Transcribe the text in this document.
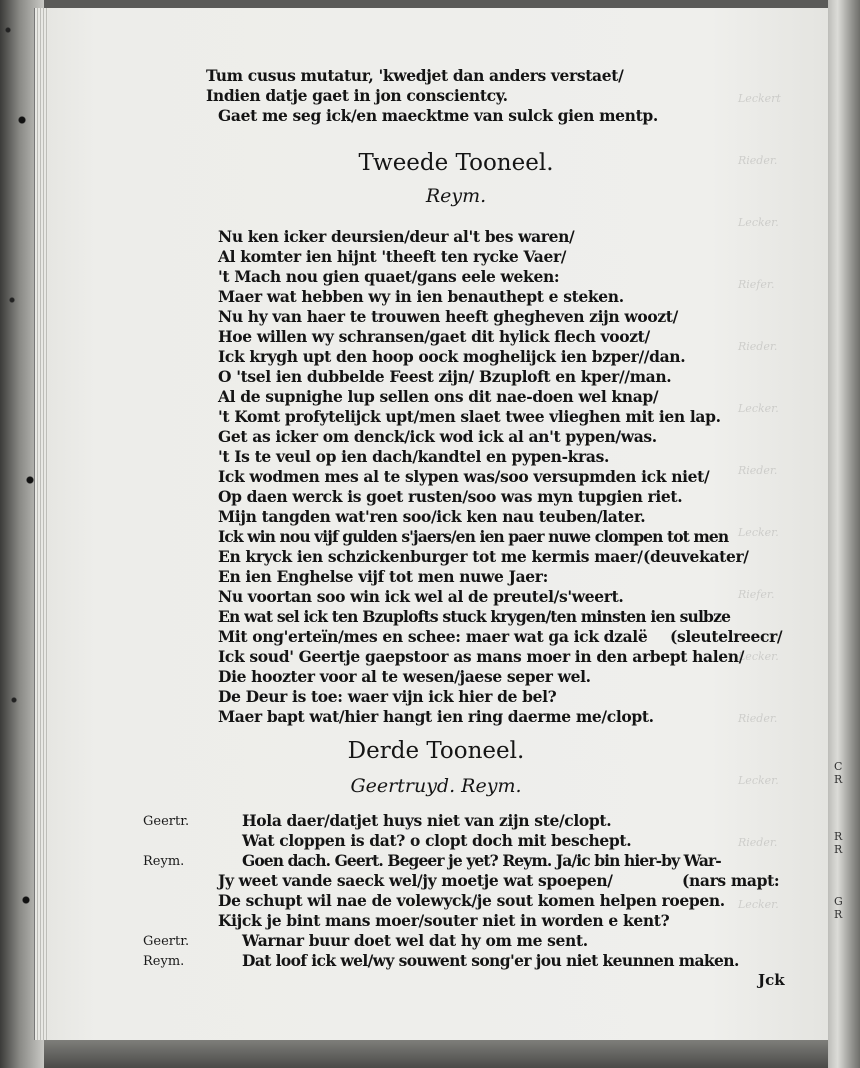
Leckert
Rieder.
Lecker.
Riefer.
Rieder.
Lecker.
Rieder.
Lecker.
Riefer.
Lecker.
Rieder.
Lecker.
Rieder.
Lecker.
Tum cusus mutatur, 'kwedjet dan anders verstaet/
Indien datje gaet in jon conscientcy.
Gaet me seg ick/en maecktme van sulck gien mentp.
Tweede Tooneel.
Reym.
Nu ken icker deursien/deur al't bes waren/
Al komter ien hijnt 'theeft ten rycke Vaer/
't Mach nou gien quaet/gans eele weken:
Maer wat hebben wy in ien benauthept e steken.
Nu hy van haer te trouwen heeft ghegheven zijn woozt/
Hoe willen wy schransen/gaet dit hylick flech voozt/
Ick krygh upt den hoop oock moghelijck ien bzper//dan.
O 'tsel ien dubbelde Feest zijn/ Bzuploft en kper//man.
Al de supnighe lup sellen ons dit nae-doen wel knap/
't Komt profytelijck upt/men slaet twee vlieghen mit ien lap.
Get as icker om denck/ick wod ick al an't pypen/was.
't Is te veul op ien dach/kandtel en pypen-kras.
Ick wodmen mes al te slypen was/soo versupmden ick niet/
Op daen werck is goet rusten/soo was myn tupgien riet.
Mijn tangden wat'ren soo/ick ken nau teuben/later.
Ick win nou vijf gulden s'jaers/en ien paer nuwe clompen tot men
En kryck ien schzickenburger tot me kermis maer/ (deuvekater/
En ien Enghelse vijf tot men nuwe Jaer:
Nu voortan soo win ick wel al de preutel/s'weert.
En wat sel ick ten Bzuplofts stuck krygen/ten minsten ien sulbze
Mit ong'erteïn/mes en schee: maer wat ga ick dzalë (sleutelreecr/
Ick soud' Geertje gaepstoor as mans moer in den arbept halen/
Die hoozter voor al te wesen/jaese seper wel.
De Deur is toe: waer vijn ick hier de bel?
Maer bapt wat/hier hangt ien ring daerme me/clopt.
Derde Tooneel.
Geertruyd. Reym.
Geertr.	Hola daer/datjet huys niet van zijn ste/clopt.
Wat cloppen is dat? o clopt doch mit beschept.
Reym.	Goen dach. Geert. Begeer je yet? Reym. Ja/ic bin hier-by War-
Jy weet vande saeck wel/jy moetje wat spoepen/	(nars mapt:
De schupt wil nae de volewyck/je sout komen helpen roepen.
Kijck je bint mans moer/souter niet in worden e kent?
Geertr.	Warnar buur doet wel dat hy om me sent.
Reym.	Dat loof ick wel/wy souwent song'er jou niet keunnen maken.
Jck
C
R
R
R
G
R
